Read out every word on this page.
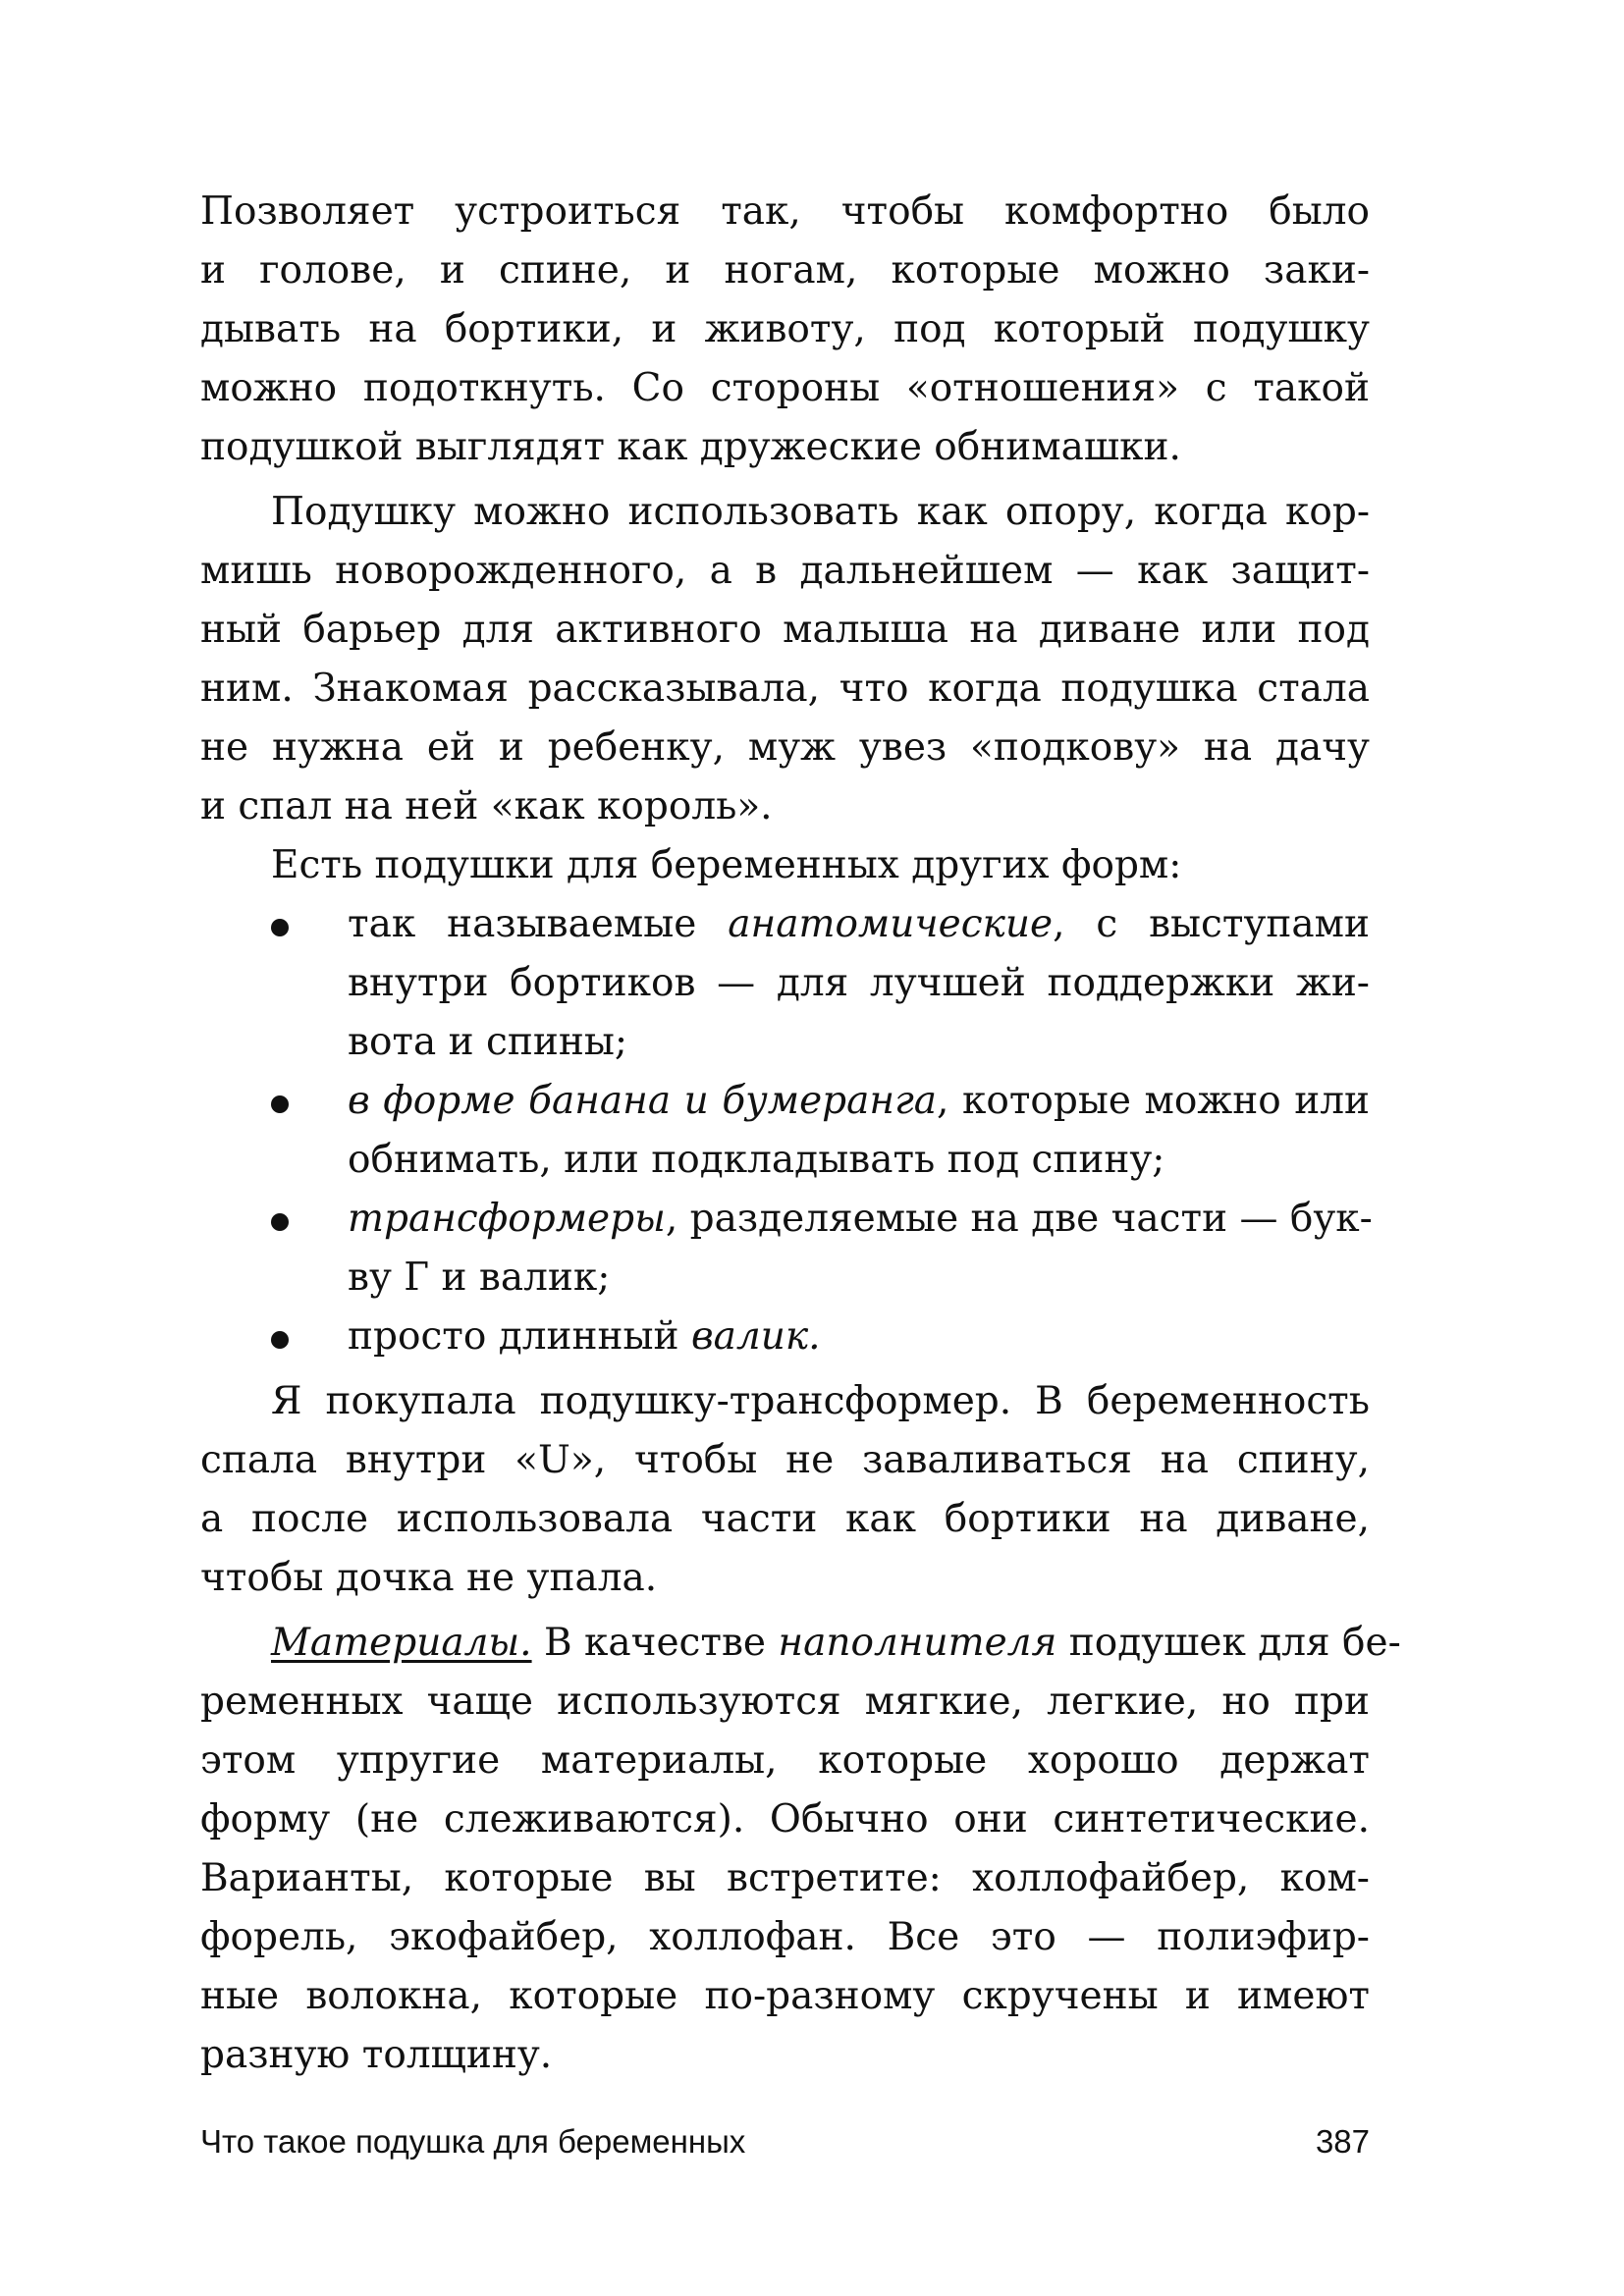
Позволяет устроиться так, чтобы комфортно было
и голове, и спине, и ногам, которые можно заки-
дывать на бортики, и животу, под который подушку
можно подоткнуть. Со стороны «отношения» с такой
подушкой выглядят как дружеские обнимашки.
Подушку можно использовать как опору, когда кор-
мишь новорожденного, а в дальнейшем — как защит-
ный барьер для активного малыша на диване или под
ним. Знакомая рассказывала, что когда подушка стала
не нужна ей и ребенку, муж увез «подкову» на дачу
и спал на ней «как король».
Есть подушки для беременных других форм:
так называемые анатомические, с выступами
внутри бортиков — для лучшей поддержки жи-
вота и спины;
в форме банана и бумеранга, которые можно или
обнимать, или подкладывать под спину;
трансформеры, разделяемые на две части — бук-
ву Г и валик;
просто длинный валик.
Я покупала подушку-трансформер. В беременность
спала внутри «U», чтобы не заваливаться на спину,
а после использовала части как бортики на диване,
чтобы дочка не упала.
Материалы. В качестве наполнителя подушек для бе-
ременных чаще используются мягкие, легкие, но при
этом упругие материалы, которые хорошо держат
форму (не слеживаются). Обычно они синтетические.
Варианты, которые вы встретите: холлофайбер, ком-
форель, экофайбер, холлофан. Все это — полиэфир-
ные волокна, которые по-разному скручены и имеют
разную толщину.
Что такое подушка для беременных	387
